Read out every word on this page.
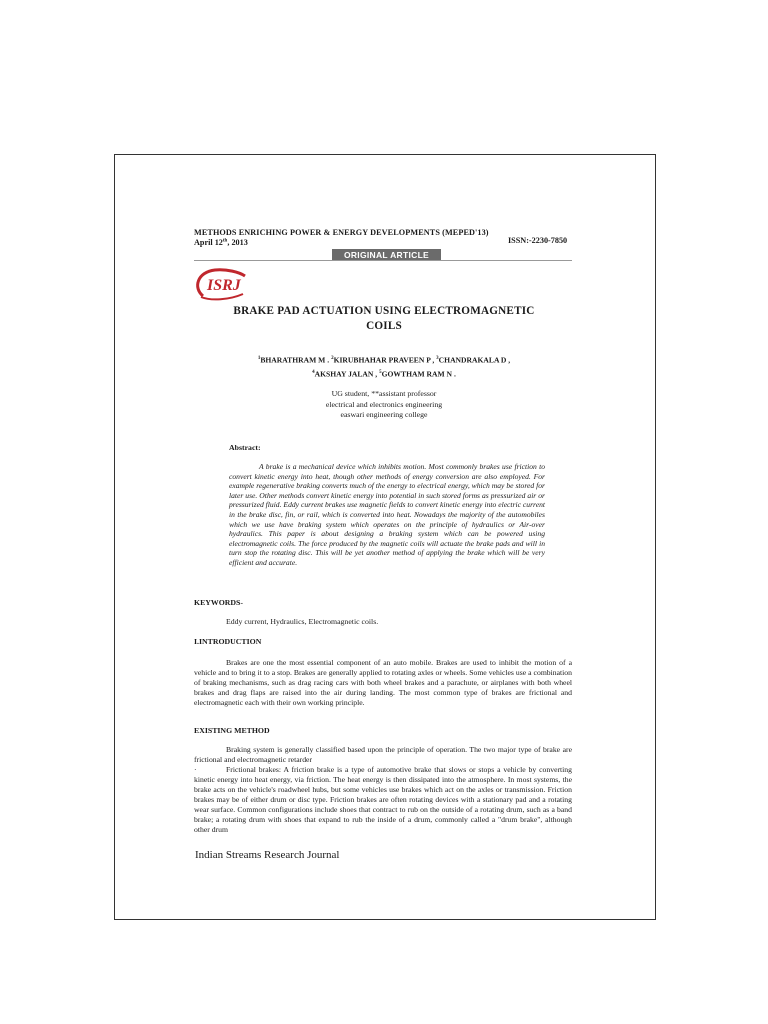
METHODS ENRICHING POWER & ENERGY DEVELOPMENTS (MEPED'13)
April 12th, 2013	ISSN:-2230-7850
ORIGINAL ARTICLE
ISRJ
BRAKE PAD ACTUATION USING ELECTROMAGNETIC
COILS
$^1$BHARATHRAM M . $^2$KIRUBHAHAR PRAVEEN P , $^3$CHANDRAKALA D ,
$^4$AKSHAY JALAN , $^5$GOWTHAM RAM N .
UG student, **assistant professor
electrical and electronics engineering
easwari engineering college
Abstract:

A brake is a mechanical device which inhibits motion. Most commonly brakes use friction to convert kinetic energy into heat, though other methods of energy conversion are also employed. For example regenerative braking converts much of the energy to electrical energy, which may be stored for later use. Other methods convert kinetic energy into potential in such stored forms as pressurized air or pressurized fluid. Eddy current brakes use magnetic fields to convert kinetic energy into electric current in the brake disc, fin, or rail, which is converted into heat. Nowadays the majority of the automobiles which we use have braking system which operates on the principle of hydraulics or Air-over hydraulics. This paper is about designing a braking system which can be powered using electromagnetic coils. The force produced by the magnetic coils will actuate the brake pads and will in turn stop the rotating disc. This will be yet another method of applying the brake which will be very efficient and accurate.

KEYWORDS-
Eddy current, Hydraulics, Electromagnetic coils.
I.INTRODUCTION

Brakes are one the most essential component of an auto mobile. Brakes are used to inhibit the motion of a vehicle and to bring it to a stop. Brakes are generally applied to rotating axles or wheels. Some vehicles use a combination of braking mechanisms, such as drag racing cars with both wheel brakes and a parachute, or airplanes with both wheel brakes and drag flaps are raised into the air during landing. The most common type of brakes are frictional and electromagnetic each with their own working principle.

EXISTING METHOD

Braking system is generally classified based upon the principle of operation. The two major type of brake are frictional and electromagnetic retarder

·	Frictional brakes: A friction brake is a type of automotive brake that slows or stops a vehicle by converting kinetic energy into heat energy, via friction. The heat energy is then dissipated into the atmosphere. In most systems, the brake acts on the vehicle's roadwheel hubs, but some vehicles use brakes which act on the axles or transmission. Friction brakes may be of either drum or disc type. Friction brakes are often rotating devices with a stationary pad and a rotating wear surface. Common configurations include shoes that contract to rub on the outside of a rotating drum, such as a band brake; a rotating drum with shoes that expand to rub the inside of a drum, commonly called a "drum brake", although other drum

Indian Streams Research Journal
